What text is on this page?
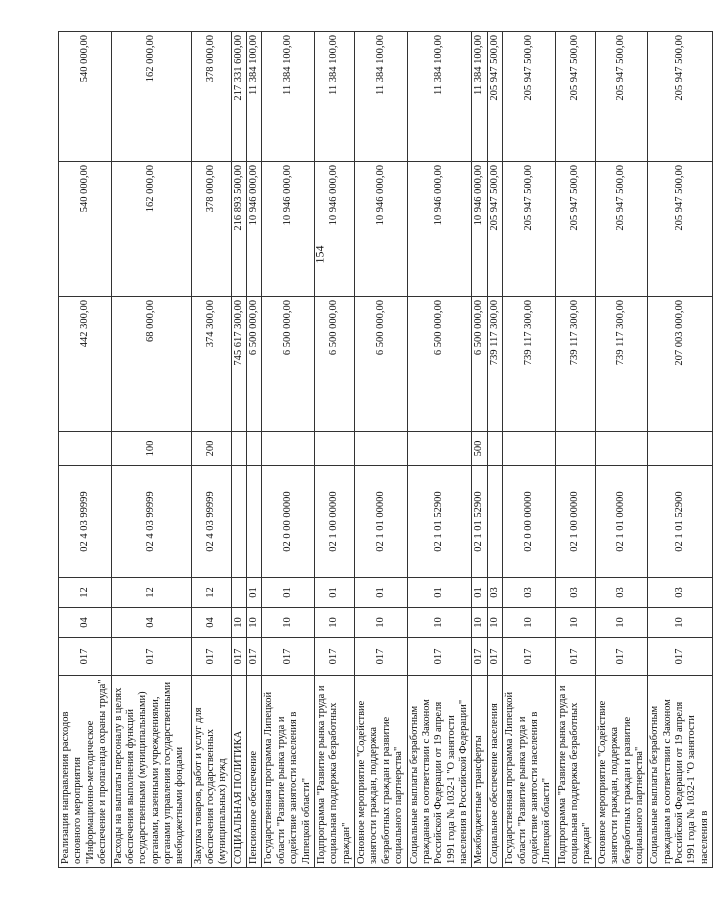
154
Реализация направления расходов основного мероприятия "Информационно-методическое обеспечение и пропаганда охраны труда"	017	04	12	02 4 03 99999		442 300,00	540 000,00	540 000,00
Расходы на выплаты персоналу в целях обеспечения выполнения функций государственными (муниципальными) органами, казенными учреждениями, органами управления государственными внебюджетными фондами	017	04	12	02 4 03 99999	100	68 000,00	162 000,00	162 000,00
Закупка товаров, работ и услуг для обеспечения государственных (муниципальных) нужд	017	04	12	02 4 03 99999	200	374 300,00	378 000,00	378 000,00
СОЦИАЛЬНАЯ ПОЛИТИКА	017	10				745 617 300,00	216 893 500,00	217 331 600,00
Пенсионное обеспечение	017	10	01			6 500 000,00	10 946 000,00	11 384 100,00
Государственная программа Липецкой области "Развитие рынка труда и содействие занятости населения в Липецкой области"	017	10	01	02 0 00 00000		6 500 000,00	10 946 000,00	11 384 100,00
Подпрограмма "Развитие рынка труда и социальная поддержка безработных граждан"	017	10	01	02 1 00 00000		6 500 000,00	10 946 000,00	11 384 100,00
Основное мероприятие "Содействие занятости граждан, поддержка безработных граждан и развитие социального партнерства"	017	10	01	02 1 01 00000		6 500 000,00	10 946 000,00	11 384 100,00
Социальные выплаты безработным гражданам в соответствии с Законом Российской Федерации от 19 апреля 1991 года № 1032-1 "О занятости населения в Российской Федерации"	017	10	01	02 1 01 52900		6 500 000,00	10 946 000,00	11 384 100,00
Межбюджетные трансферты	017	10	01	02 1 01 52900	500	6 500 000,00	10 946 000,00	11 384 100,00
Социальное обеспечение населения	017	10	03			739 117 300,00	205 947 500,00	205 947 500,00
Государственная программа Липецкой области "Развитие рынка труда и содействие занятости населения в Липецкой области"	017	10	03	02 0 00 00000		739 117 300,00	205 947 500,00	205 947 500,00
Подпрограмма "Развитие рынка труда и социальная поддержка безработных граждан"	017	10	03	02 1 00 00000		739 117 300,00	205 947 500,00	205 947 500,00
Основное мероприятие "Содействие занятости граждан, поддержка безработных граждан и развитие социального партнерства"	017	10	03	02 1 01 00000		739 117 300,00	205 947 500,00	205 947 500,00
Социальные выплаты безработным гражданам в соответствии с Законом Российской Федерации от 19 апреля 1991 года № 1032-1 "О занятости населения в	017	10	03	02 1 01 52900		207 003 000,00	205 947 500,00	205 947 500,00
